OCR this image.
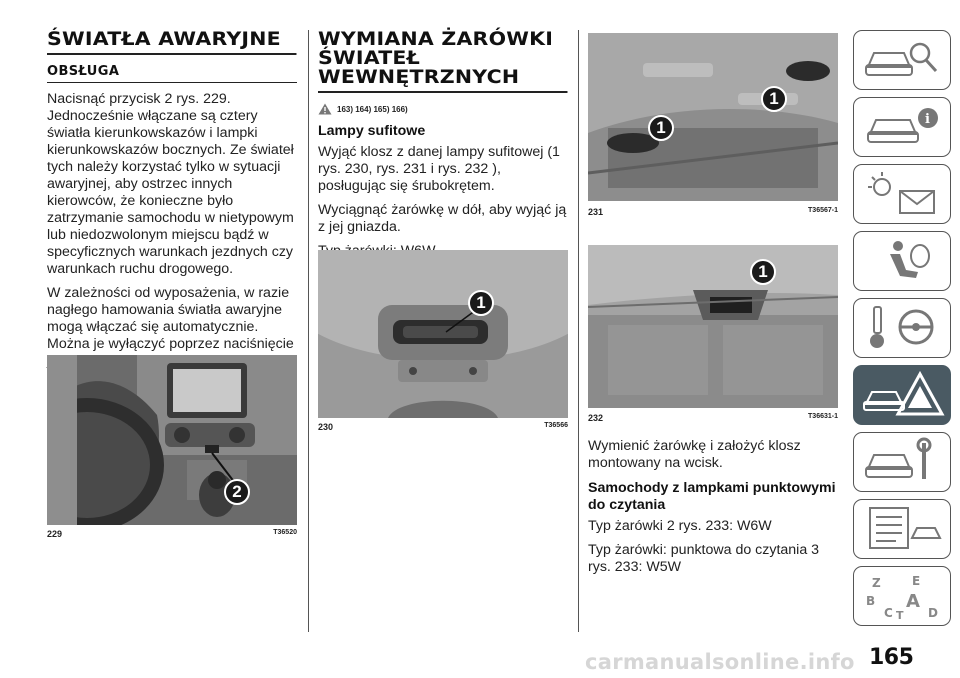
ŚWIATŁA AWARYJNE
OBSŁUGA

Nacisnąć przycisk 2 rys. 229. Jednocześnie włączane są cztery światła kierunkowskazów i lampki kierunkowskazów bocznych. Ze świateł tych należy korzystać tylko w sytuacji awaryjnej, aby ostrzec innych kierowców, że konieczne było zatrzymanie samochodu w nietypowym lub niedozwolonym miejscu bądź w specyficznych warunkach jezdnych czy warunkach ruchu drogowego.

W zależności od wyposażenia, w razie nagłego hamowania światła awaryjne mogą włączać się automatycznie. Można je wyłączyć poprzez naciśnięcie

2
229	T36520
WYMIANA ŻARÓWKI
ŚWIATEŁ
WEWNĘTRZNYCH
163) 164) 165) 166)
Lampy sufitowe

Wyjąć klosz z danej lampy sufitowej (1 rys. 230, rys. 231 i rys. 232 ), posługując się śrubokrętem.

Wyciągnąć żarówkę w dół, aby wyjąć ją z jej gniazda.

1
230	T36566
1
1
231	T36567-1
1
232	T36631-1

Wymienić żarówkę i założyć klosz montowany na wcisk.

Samochody z lampkami punktowymi do czytania

Typ żarówki 2 rys. 233: W6W

Typ żarówki: punktowa do czytania 3 rys. 233: W5W

i
Z	E
B A
C	D
T
carmanualsonline.info 165
